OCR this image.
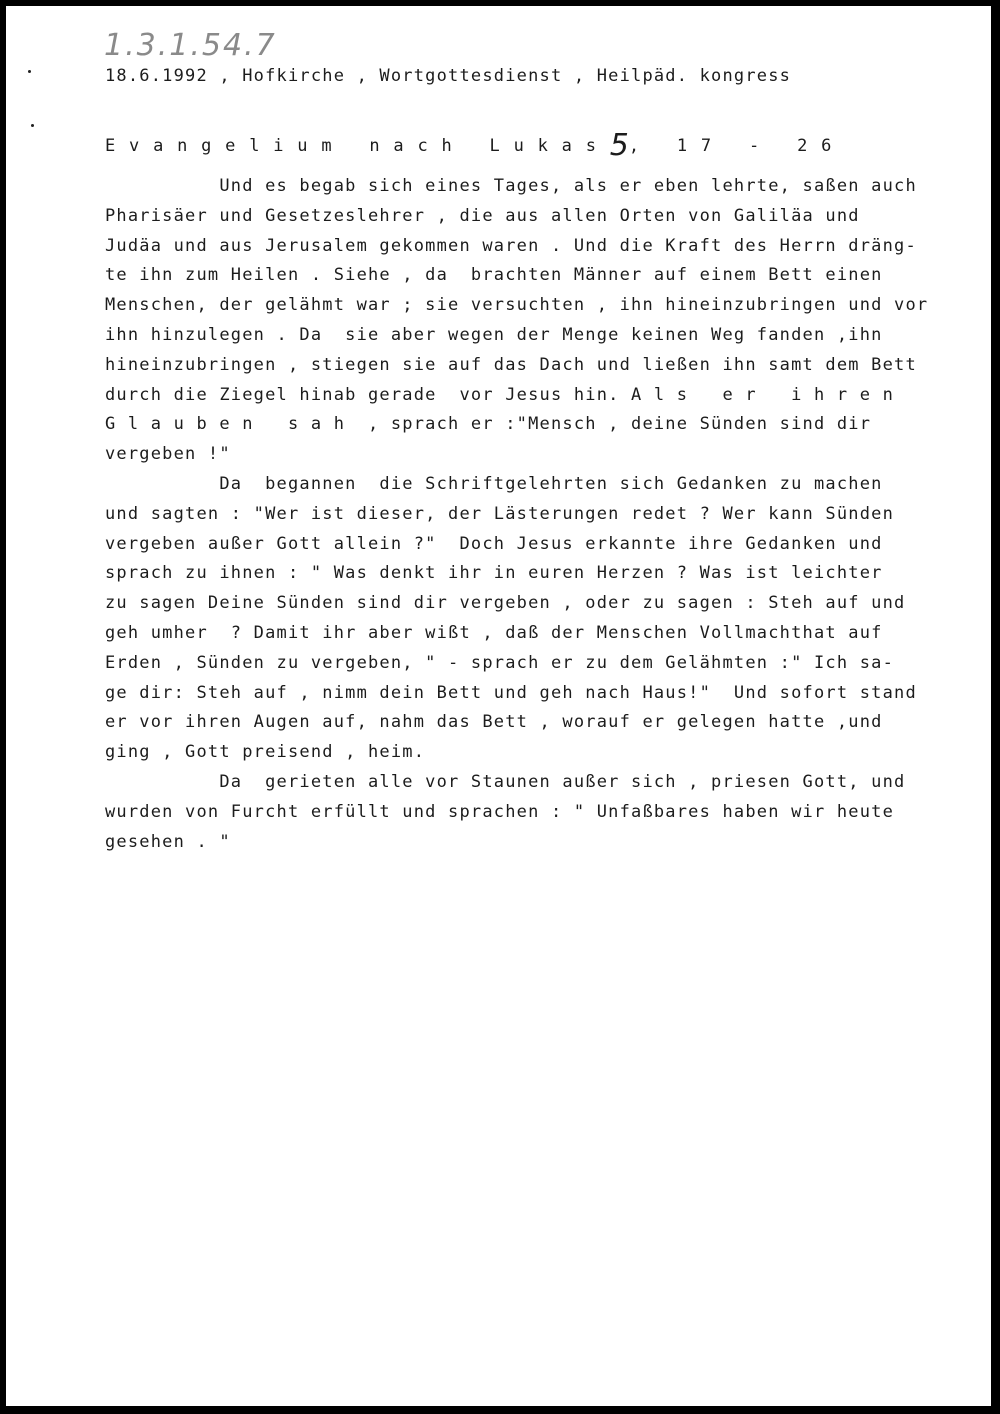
1.3.1.54.7
18.6.1992 , Hofkirche , Wortgottesdienst , Heilpäd. kongress
Evangelium nach Lukas5, 17 - 26
Und es begab sich eines Tages, als er eben lehrte, saßen auch
Pharisäer und Gesetzeslehrer , die aus allen Orten von Galiläa und
Judäa und aus Jerusalem gekommen waren . Und die Kraft des Herrn dräng-
te ihn zum Heilen . Siehe , da  brachten Männer auf einem Bett einen
Menschen, der gelähmt war ; sie versuchten , ihn hineinzubringen und vor
ihn hinzulegen . Da  sie aber wegen der Menge keinen Weg fanden ,ihn
hineinzubringen , stiegen sie auf das Dach und ließen ihn samt dem Bett
durch die Ziegel hinab gerade  vor Jesus hin. A l s   e r   i h r e n
G l a u b e n   s a h  , sprach er :"Mensch , deine Sünden sind dir
vergeben !"
Da  begannen  die Schriftgelehrten sich Gedanken zu machen
und sagten : "Wer ist dieser, der Lästerungen redet ? Wer kann Sünden
vergeben außer Gott allein ?"  Doch Jesus erkannte ihre Gedanken und
sprach zu ihnen : " Was denkt ihr in euren Herzen ? Was ist leichter
zu sagen Deine Sünden sind dir vergeben , oder zu sagen : Steh auf und
geh umher  ? Damit ihr aber wißt , daß der Menschen Vollmachthat auf
Erden , Sünden zu vergeben, " - sprach er zu dem Gelähmten :" Ich sa-
ge dir: Steh auf , nimm dein Bett und geh nach Haus!"  Und sofort stand
er vor ihren Augen auf, nahm das Bett , worauf er gelegen hatte ,und
ging , Gott preisend , heim.
Da  gerieten alle vor Staunen außer sich , priesen Gott, und
wurden von Furcht erfüllt und sprachen : " Unfaßbares haben wir heute
gesehen . "
